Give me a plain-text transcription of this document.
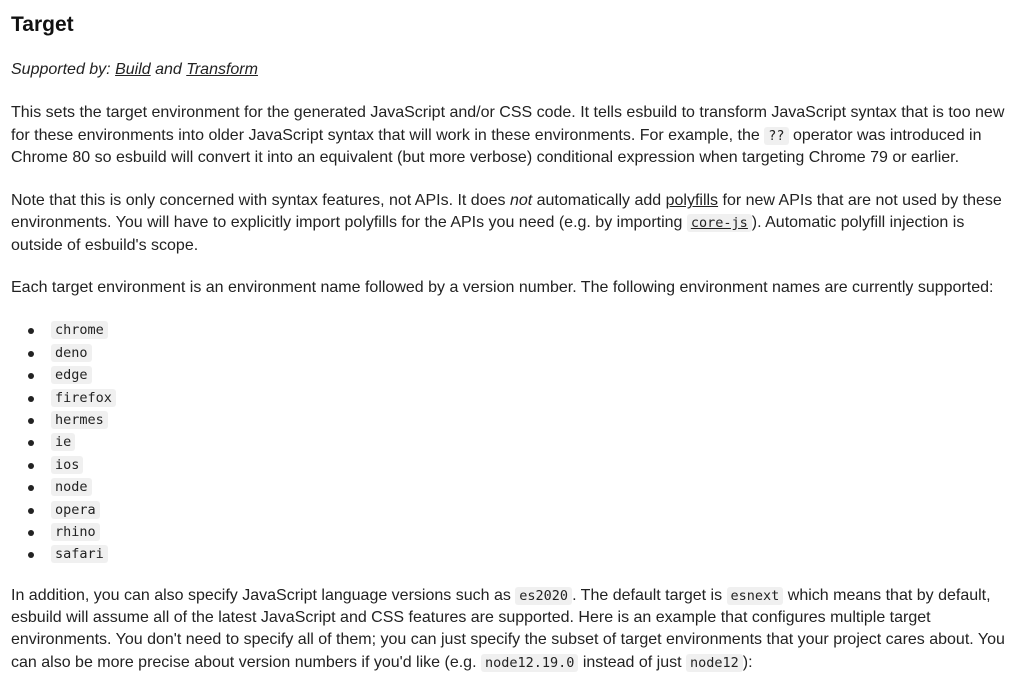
Target

Supported by: Build and Transform

This sets the target environment for the generated JavaScript and/or CSS code. It tells esbuild to transform JavaScript syntax that is too new for these environments into older JavaScript syntax that will work in these environments. For example, the ?? operator was introduced in Chrome 80 so esbuild will convert it into an equivalent (but more verbose) conditional expression when targeting Chrome 79 or earlier.

Note that this is only concerned with syntax features, not APIs. It does not automatically add polyfills for new APIs that are not used by these environments. You will have to explicitly import polyfills for the APIs you need (e.g. by importing core-js ). Automatic polyfill injection is outside of esbuild's scope.

Each target environment is an environment name followed by a version number. The following environment names are currently supported:

chrome
deno
edge
firefox
hermes
ie
ios
node
opera
rhino
safari

In addition, you can also specify JavaScript language versions such as es2020 . The default target is esnext which means that by default, esbuild will assume all of the latest JavaScript and CSS features are supported. Here is an example that configures multiple target environments. You don't need to specify all of them; you can just specify the subset of target environments that your project cares about. You can also be more precise about version numbers if you'd like (e.g. node12.19.0 instead of just node12 ):
